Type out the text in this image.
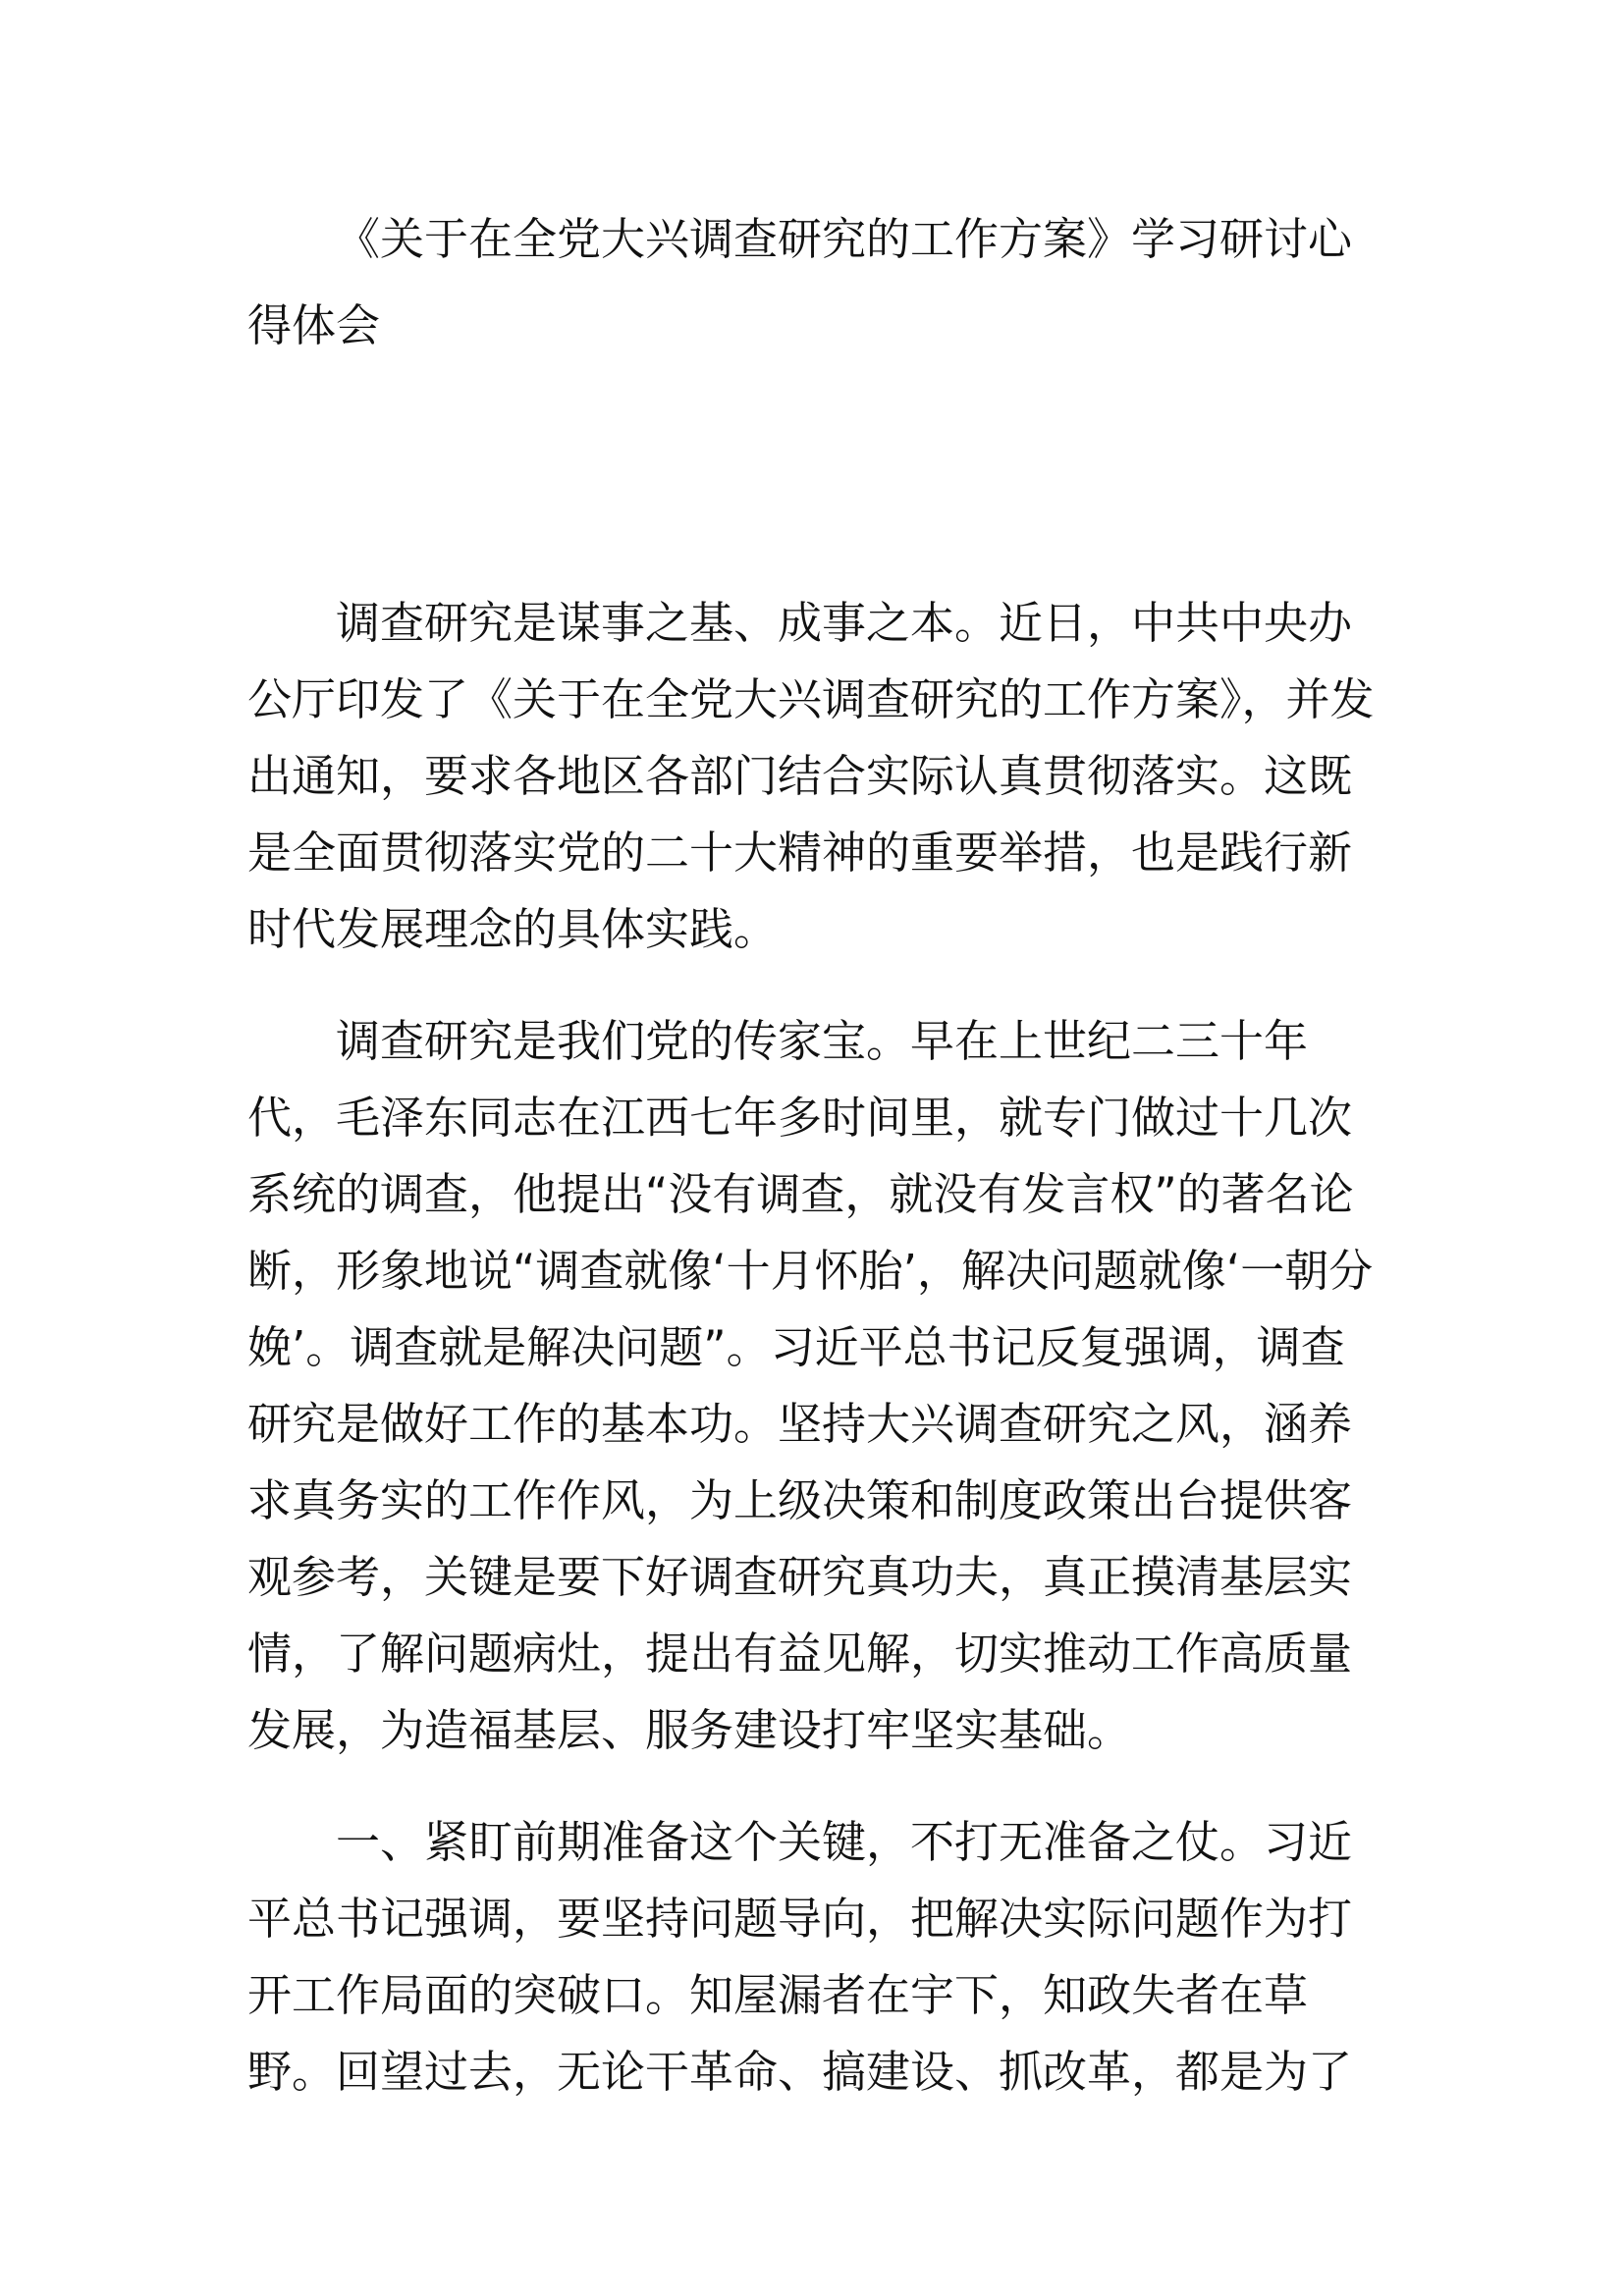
《关于在全党大兴调查研究的工作方案》学习研讨心得体会

调查研究是谋事之基、成事之本。近日，中共中央办公厅印发了《关于在全党大兴调查研究的工作方案》，并发出通知，要求各地区各部门结合实际认真贯彻落实。这既是全面贯彻落实党的二十大精神的重要举措，也是践行新时代发展理念的具体实践。

调查研究是我们党的传家宝。早在上世纪二三十年代，毛泽东同志在江西七年多时间里，就专门做过十几次系统的调查，他提出“没有调查，就没有发言权”的著名论断，形象地说“调查就像‘十月怀胎’，解决问题就像‘一朝分娩’。调查就是解决问题”。习近平总书记反复强调，调查研究是做好工作的基本功。坚持大兴调查研究之风，涵养求真务实的工作作风，为上级决策和制度政策出台提供客观参考，关键是要下好调查研究真功夫，真正摸清基层实情，了解问题病灶，提出有益见解，切实推动工作高质量发展，为造福基层、服务建设打牢坚实基础。

一、紧盯前期准备这个关键，不打无准备之仗。习近平总书记强调，要坚持问题导向，把解决实际问题作为打开工作局面的突破口。知屋漏者在宇下，知政失者在草野。回望过去，无论干革命、搞建设、抓改革，都是为了
